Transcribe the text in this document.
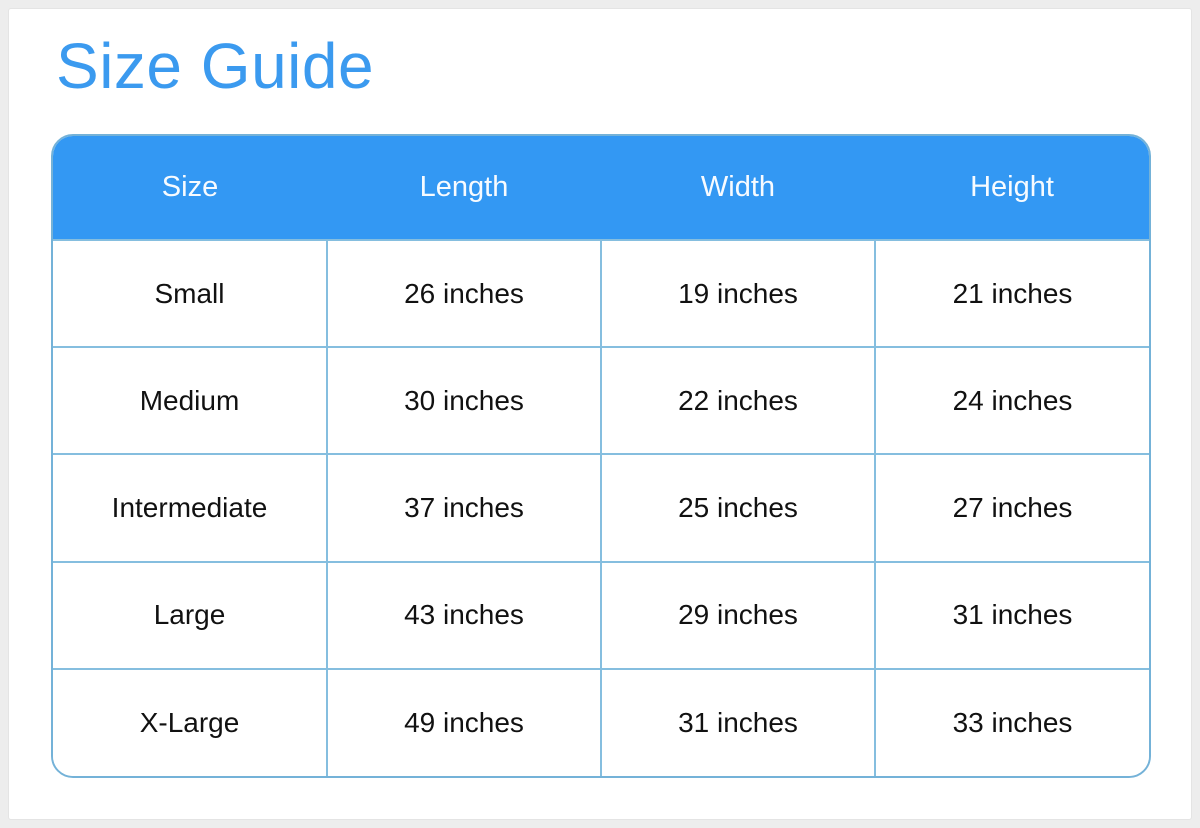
Size Guide
Size	Length	Width	Height
Small	26 inches	19 inches	21 inches
Medium	30 inches	22 inches	24 inches
Intermediate	37 inches	25 inches	27 inches
Large	43 inches	29 inches	31 inches
X-Large	49 inches	31 inches	33 inches
